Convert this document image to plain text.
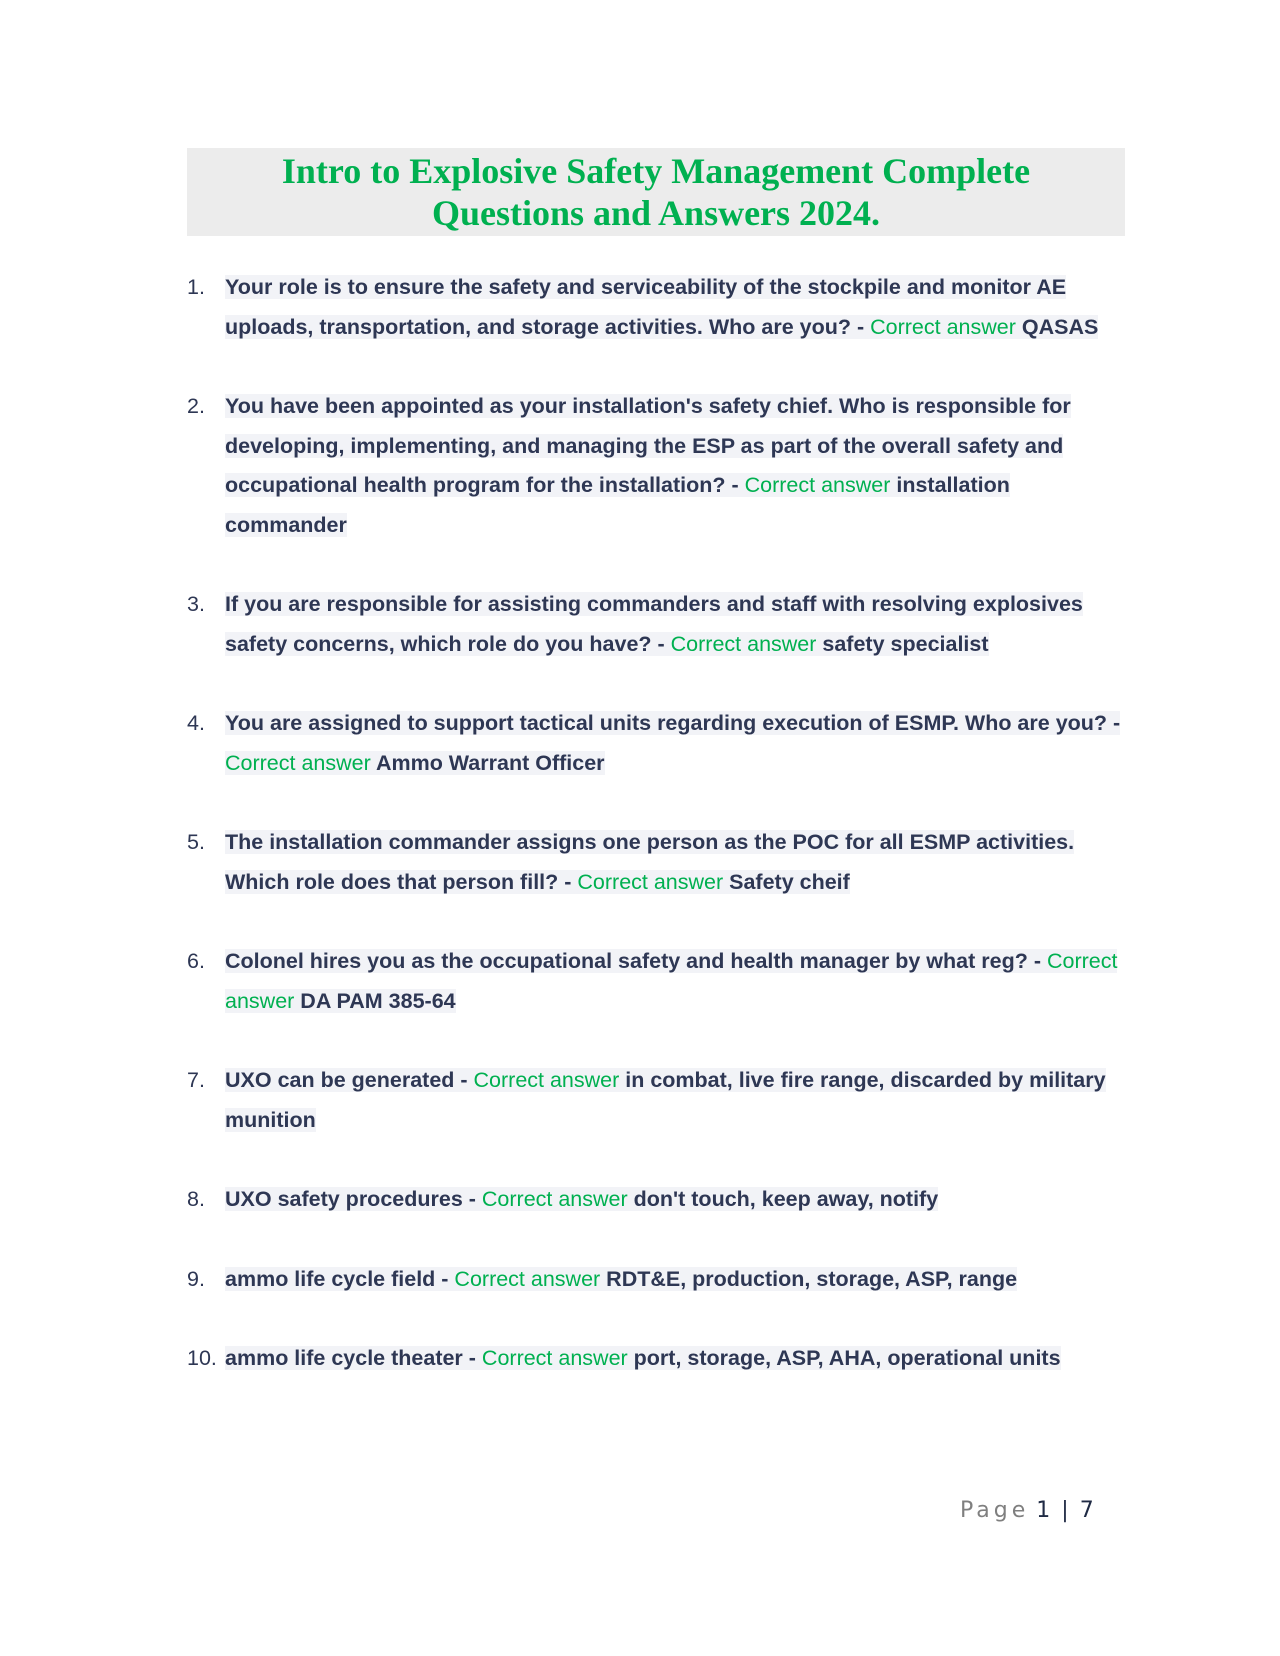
Intro to Explosive Safety Management Complete
Questions and Answers 2024.
1. Your role is to ensure the safety and serviceability of the stockpile and monitor AE uploads, transportation, and storage activities. Who are you? - Correct answer QASAS
2. You have been appointed as your installation's safety chief. Who is responsible for developing, implementing, and managing the ESP as part of the overall safety and occupational health program for the installation? - Correct answer installation commander
3. If you are responsible for assisting commanders and staff with resolving explosives safety concerns, which role do you have? - Correct answer safety specialist
4. You are assigned to support tactical units regarding execution of ESMP. Who are you? - Correct answer Ammo Warrant Officer
5. The installation commander assigns one person as the POC for all ESMP activities. Which role does that person fill? - Correct answer Safety cheif
6. Colonel hires you as the occupational safety and health manager by what reg? - Correct answer DA PAM 385-64
7. UXO can be generated - Correct answer in combat, live fire range, discarded by military munition
8. UXO safety procedures - Correct answer don't touch, keep away, notify
9. ammo life cycle field - Correct answer RDT&E, production, storage, ASP, range
10. ammo life cycle theater - Correct answer port, storage, ASP, AHA, operational units
Page 1 | 7
